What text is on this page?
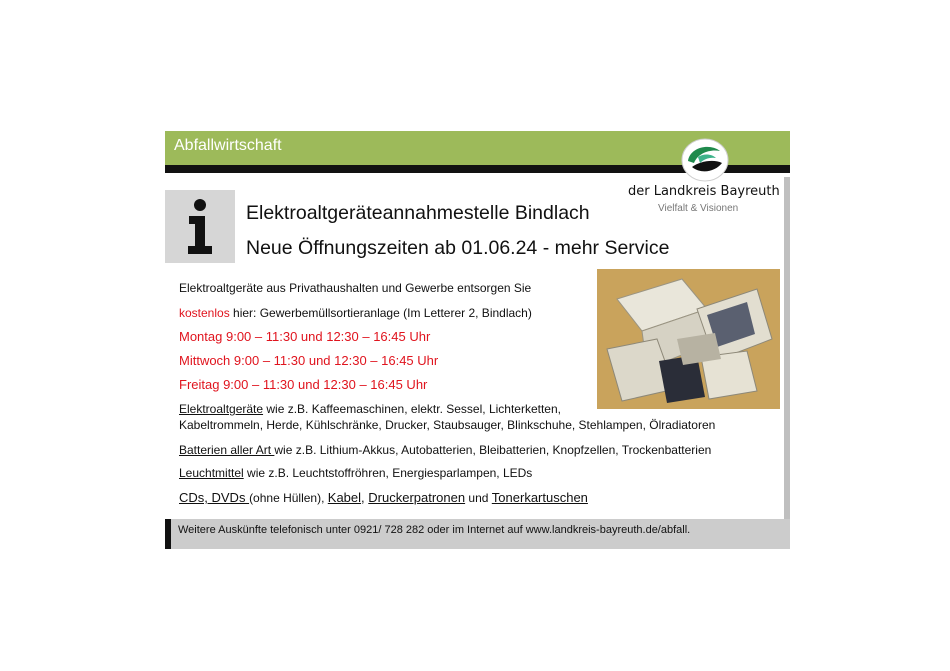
Abfallwirtschaft
der Landkreis Bayreuth
Vielfalt & Visionen
Elektroaltgeräteannahmestelle Bindlach
Neue Öffnungszeiten ab 01.06.24 - mehr Service
Elektroaltgeräte aus Privathaushalten und Gewerbe entsorgen Sie
kostenlos hier: Gewerbemüllsortieranlage (Im Letterer 2, Bindlach)
Montag 9:00 – 11:30 und 12:30 – 16:45 Uhr
Mittwoch 9:00 – 11:30 und 12:30 – 16:45 Uhr
Freitag 9:00 – 11:30 und 12:30 – 16:45 Uhr
Elektroaltgeräte wie z.B. Kaffeemaschinen, elektr. Sessel, Lichterketten,
Kabeltrommeln, Herde, Kühlschränke, Drucker, Staubsauger, Blinkschuhe, Stehlampen, Ölradiatoren
Batterien aller Art wie z.B. Lithium-Akkus, Autobatterien, Bleibatterien, Knopfzellen, Trockenbatterien
Leuchtmittel wie z.B. Leuchtstoffröhren, Energiesparlampen, LEDs
CDs, DVDs (ohne Hüllen), Kabel, Druckerpatronen und Tonerkartuschen
Weitere Auskünfte telefonisch unter 0921/ 728 282 oder im Internet auf www.landkreis-bayreuth.de/abfall.
